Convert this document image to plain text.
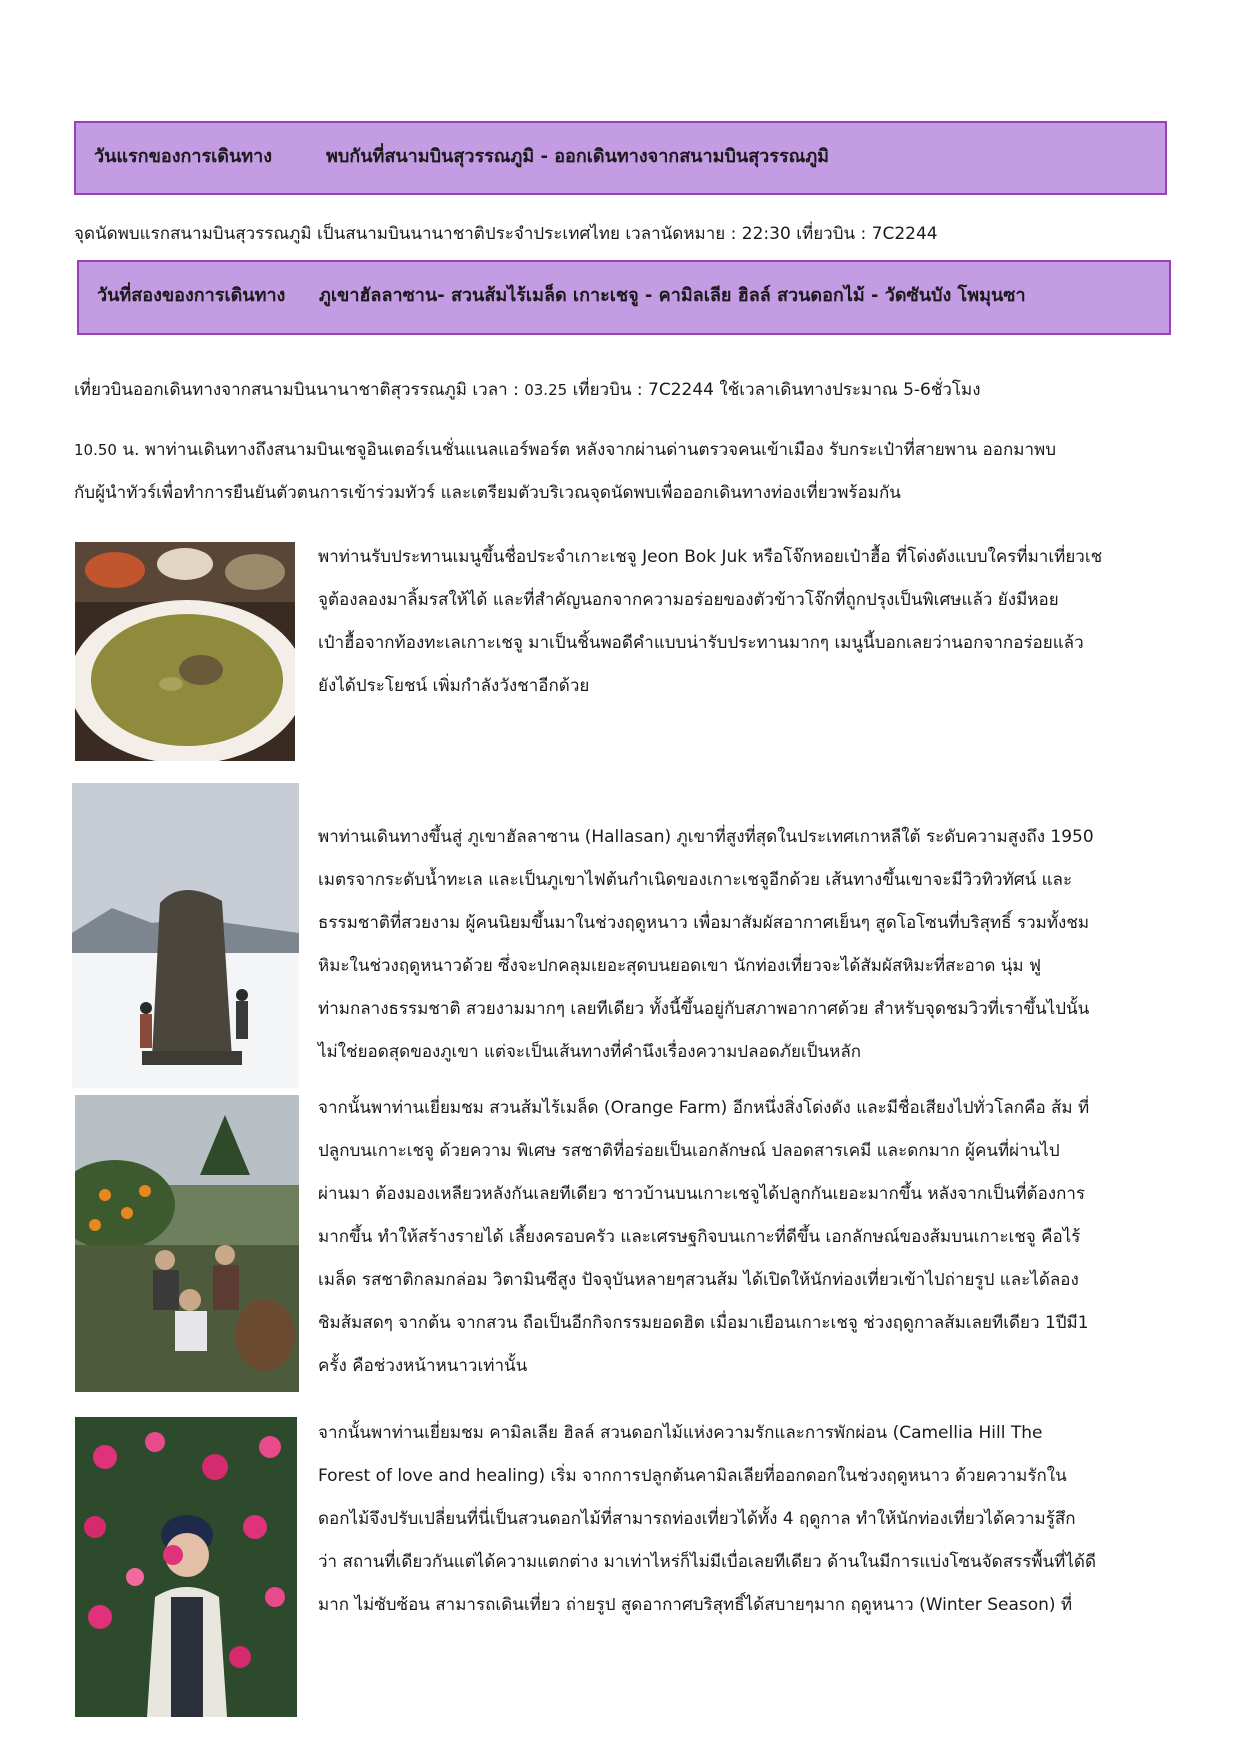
วันแรกของการเดินทาง	พบกันที่สนามบินสุวรรณภูมิ - ออกเดินทางจากสนามบินสุวรรณภูมิ

จุดนัดพบแรกสนามบินสุวรรณภูมิ เป็นสนามบินนานาชาติประจำประเทศไทย เวลานัดหมาย : 22:30 เที่ยวบิน : 7C2244

วันที่สองของการเดินทาง ภูเขาฮัลลาซาน- สวนส้มไร้เมล็ด เกาะเชจู - คามิลเลีย ฮิลล์ สวนดอกไม้ - วัดซันบัง โพมุนซา

เที่ยวบินออกเดินทางจากสนามบินนานาชาติสุวรรณภูมิ เวลา : 03.25 เที่ยวบิน : 7C2244 ใช้เวลาเดินทางประมาณ 5-6ชั่วโมง

10.50 น. พาท่านเดินทางถึงสนามบินเชจูอินเตอร์เนชั่นแนลแอร์พอร์ต หลังจากผ่านด่านตรวจคนเข้าเมือง รับกระเป๋าที่สายพาน ออกมาพบ
กับผู้นำทัวร์เพื่อทำการยืนยันตัวตนการเข้าร่วมทัวร์ และเตรียมตัวบริเวณจุดนัดพบเพื่อออกเดินทางท่องเที่ยวพร้อมกัน
พาท่านรับประทานเมนูขึ้นชื่อประจำเกาะเชจู Jeon Bok Juk หรือโจ๊กหอยเป๋าฮื้อ ที่โด่งดังแบบใครที่มาเที่ยวเช
จูต้องลองมาลิ้มรสให้ได้ และที่สำคัญนอกจากความอร่อยของตัวข้าวโจ๊กที่ถูกปรุงเป็นพิเศษแล้ว ยังมีหอย
เป๋าฮื้อจากท้องทะเลเกาะเชจู มาเป็นชิ้นพอดีคำแบบน่ารับประทานมากๆ เมนูนี้บอกเลยว่านอกจากอร่อยแล้ว
ยังได้ประโยชน์ เพิ่มกำลังวังชาอีกด้วย
พาท่านเดินทางขึ้นสู่ ภูเขาฮัลลาซาน (Hallasan) ภูเขาที่สูงที่สุดในประเทศเกาหลีใต้ ระดับความสูงถึง 1950
เมตรจากระดับน้ำทะเล และเป็นภูเขาไฟต้นกำเนิดของเกาะเชจูอีกด้วย เส้นทางขึ้นเขาจะมีวิวทิวทัศน์ และ
ธรรมชาติที่สวยงาม ผู้คนนิยมขึ้นมาในช่วงฤดูหนาว เพื่อมาสัมผัสอากาศเย็นๆ สูดโอโซนที่บริสุทธิ์ รวมทั้งชม
หิมะในช่วงฤดูหนาวด้วย ซึ่งจะปกคลุมเยอะสุดบนยอดเขา นักท่องเที่ยวจะได้สัมผัสหิมะที่สะอาด นุ่ม ฟู
ท่ามกลางธรรมชาติ สวยงามมากๆ เลยทีเดียว ทั้งนี้ขึ้นอยู่กับสภาพอากาศด้วย สำหรับจุดชมวิวที่เราขึ้นไปนั้น
ไม่ใช่ยอดสุดของภูเขา แต่จะเป็นเส้นทางที่คำนึงเรื่องความปลอดภัยเป็นหลัก
จากนั้นพาท่านเยี่ยมชม สวนส้มไร้เมล็ด (Orange Farm) อีกหนึ่งสิ่งโด่งดัง และมีชื่อเสียงไปทั่วโลกคือ ส้ม ที่
ปลูกบนเกาะเชจู ด้วยความ พิเศษ รสชาติที่อร่อยเป็นเอกลักษณ์ ปลอดสารเคมี และดกมาก ผู้คนที่ผ่านไป
ผ่านมา ต้องมองเหลียวหลังกันเลยทีเดียว ชาวบ้านบนเกาะเชจูได้ปลูกกันเยอะมากขึ้น หลังจากเป็นที่ต้องการ
มากขึ้น ทำให้สร้างรายได้ เลี้ยงครอบครัว และเศรษฐกิจบนเกาะที่ดีขึ้น เอกลักษณ์ของส้มบนเกาะเชจู คือไร้
เมล็ด รสชาติกลมกล่อม วิตามินซีสูง ปัจจุบันหลายๆสวนส้ม ได้เปิดให้นักท่องเที่ยวเข้าไปถ่ายรูป และได้ลอง
ชิมส้มสดๆ จากต้น จากสวน ถือเป็นอีกกิจกรรมยอดฮิต เมื่อมาเยือนเกาะเชจู ช่วงฤดูกาลส้มเลยทีเดียว 1ปีมี1
ครั้ง คือช่วงหน้าหนาวเท่านั้น
จากนั้นพาท่านเยี่ยมชม คามิลเลีย ฮิลล์ สวนดอกไม้แห่งความรักและการพักผ่อน (Camellia Hill The
Forest of love and healing) เริ่ม จากการปลูกต้นคามิลเลียที่ออกดอกในช่วงฤดูหนาว ด้วยความรักใน
ดอกไม้จึงปรับเปลี่ยนที่นี่เป็นสวนดอกไม้ที่สามารถท่องเที่ยวได้ทั้ง 4 ฤดูกาล ทำให้นักท่องเที่ยวได้ความรู้สึก
ว่า สถานที่เดียวกันแต่ได้ความแตกต่าง มาเท่าไหร่ก็ไม่มีเบื่อเลยทีเดียว ด้านในมีการแบ่งโซนจัดสรรพื้นที่ได้ดี
มาก ไม่ซับซ้อน สามารถเดินเที่ยว ถ่ายรูป สูดอากาศบริสุทธิ์ได้สบายๆมาก ฤดูหนาว (Winter Season) ที่
